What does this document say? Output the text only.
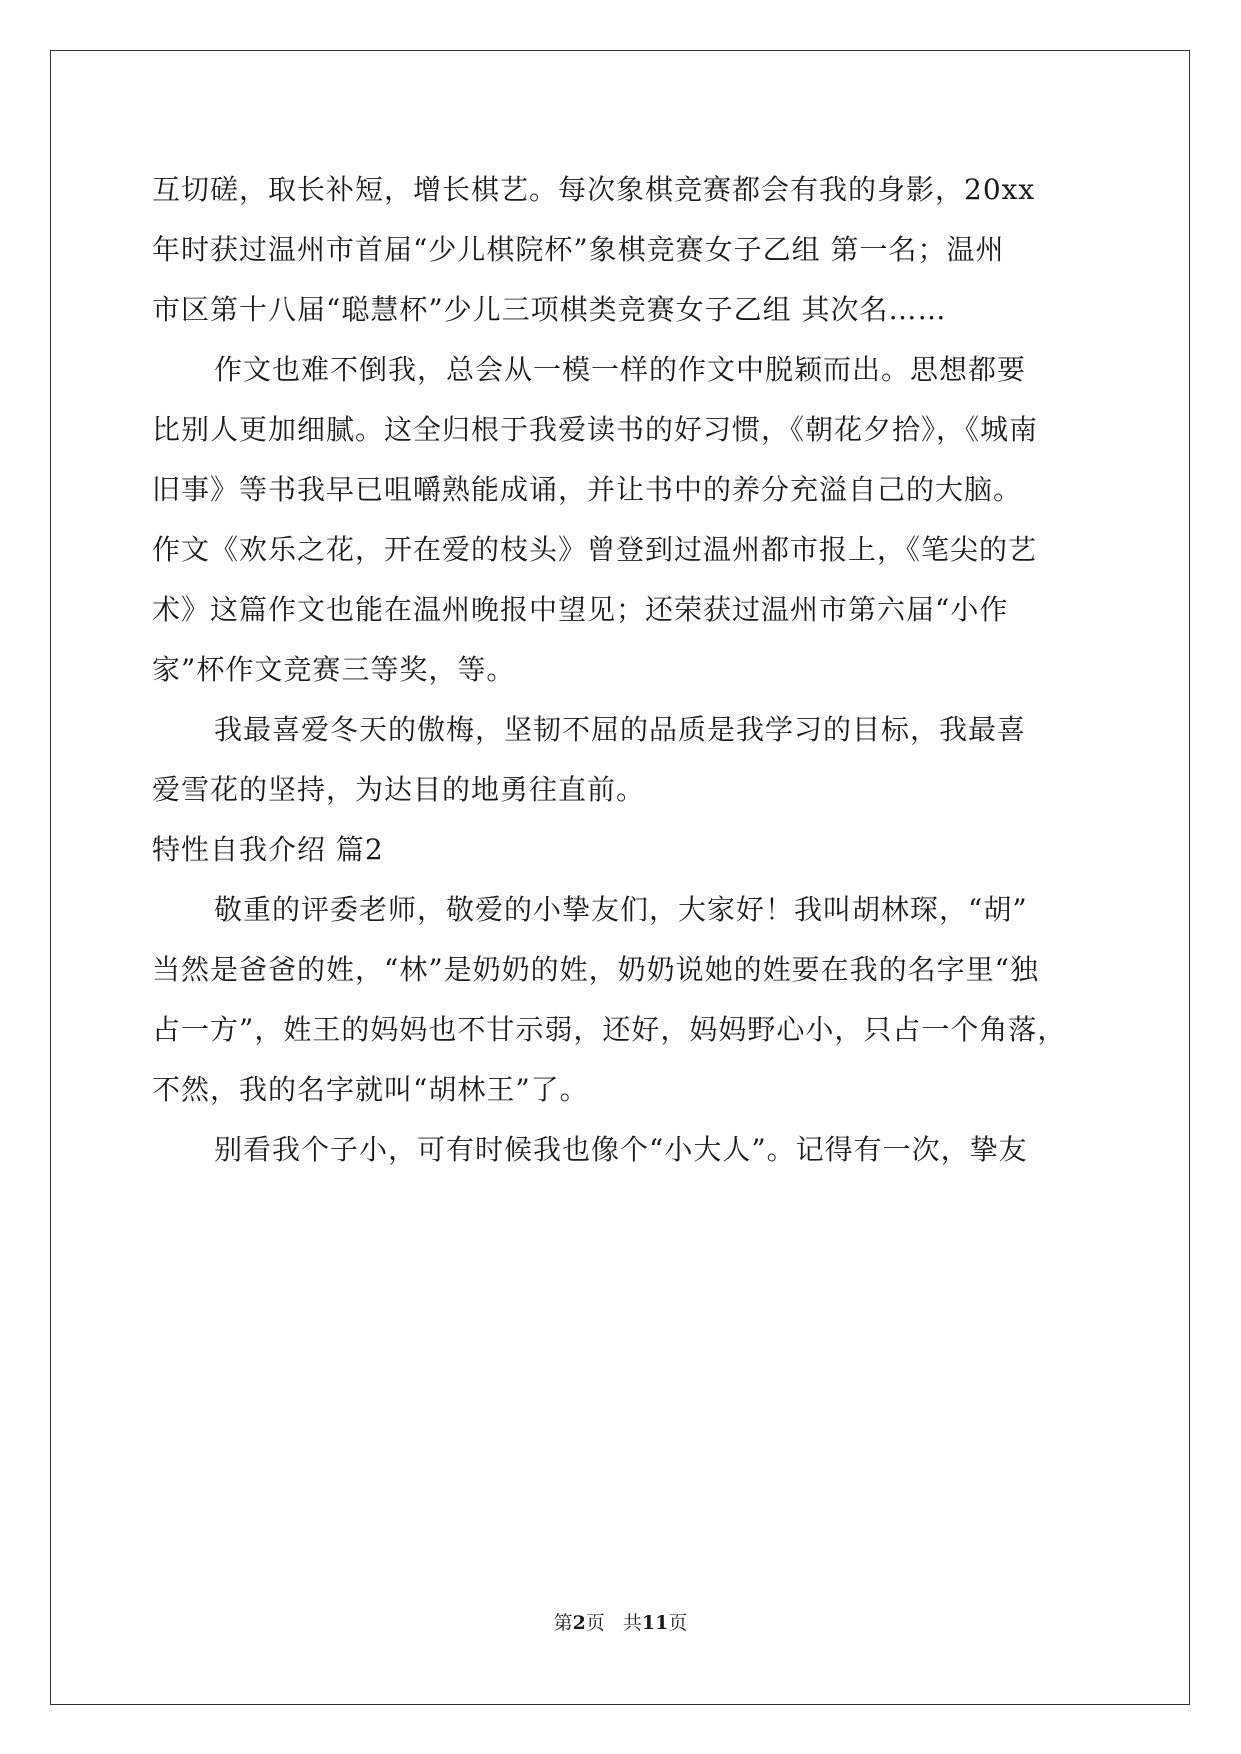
互切磋，取长补短，增长棋艺。每次象棋竞赛都会有我的身影，20xx
年时获过温州市首届“少儿棋院杯”象棋竞赛女子乙组 第一名；温州
市区第十八届“聪慧杯”少儿三项棋类竞赛女子乙组 其次名……
作文也难不倒我，总会从一模一样的作文中脱颖而出。思想都要
比别人更加细腻。这全归根于我爱读书的好习惯，《朝花夕拾》，《城南
旧事》等书我早已咀嚼熟能成诵，并让书中的养分充溢自己的大脑。
作文《欢乐之花，开在爱的枝头》曾登到过温州都市报上，《笔尖的艺
术》这篇作文也能在温州晚报中望见；还荣获过温州市第六届“小作
家”杯作文竞赛三等奖，等。
我最喜爱冬天的傲梅，坚韧不屈的品质是我学习的目标，我最喜
爱雪花的坚持，为达目的地勇往直前。
特性自我介绍 篇2
敬重的评委老师，敬爱的小挚友们，大家好！我叫胡林琛，“胡”
当然是爸爸的姓，“林”是奶奶的姓，奶奶说她的姓要在我的名字里“独
占一方”，姓王的妈妈也不甘示弱，还好，妈妈野心小，只占一个角落，
不然，我的名字就叫“胡林王”了。
别看我个子小，可有时候我也像个“小大人”。记得有一次，挚友
第2页 共11页
